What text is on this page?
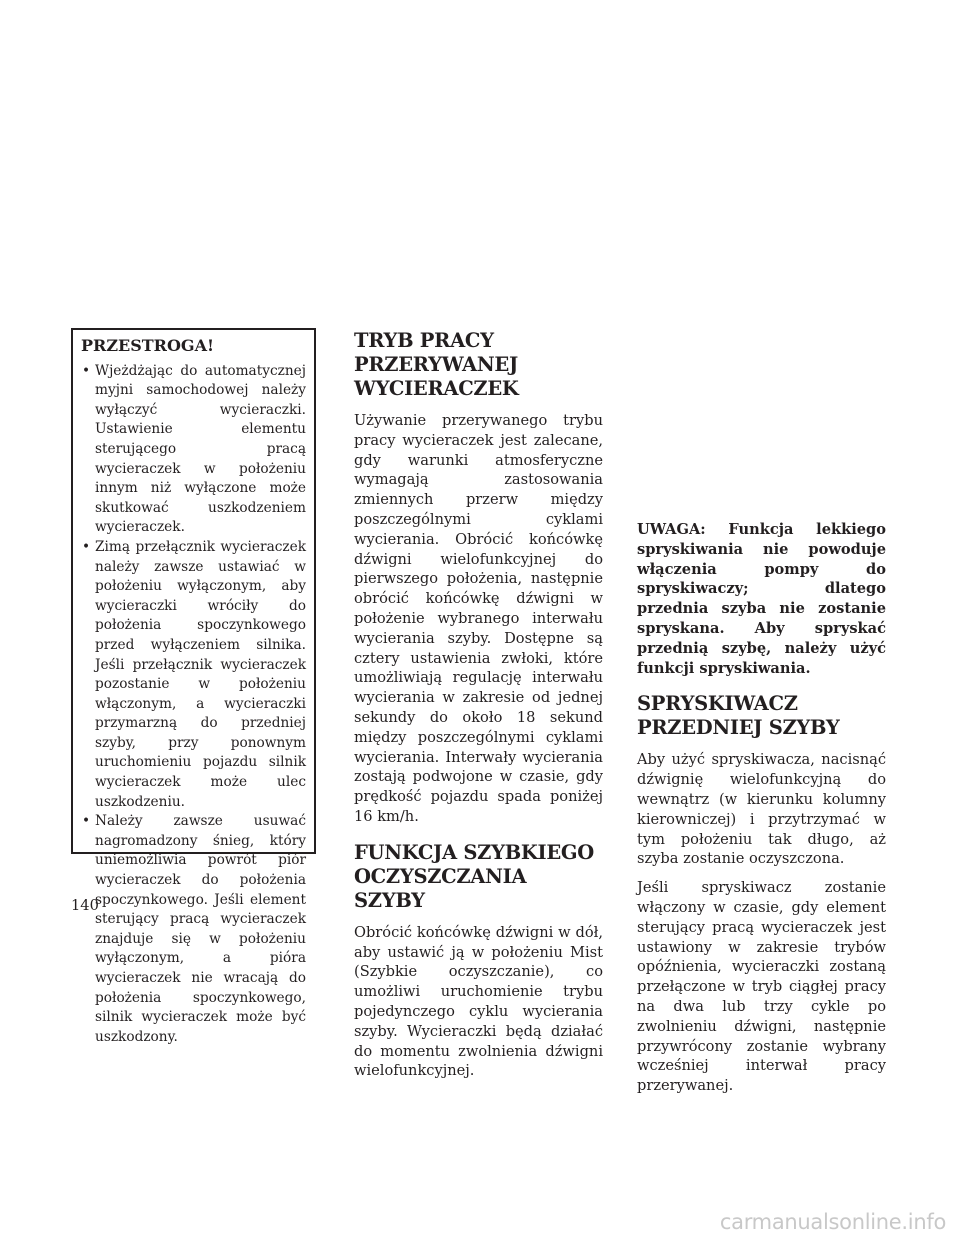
PRZESTROGA!
• Wjeżdżając do automatycznej myjni samochodowej należy wyłączyć wycieraczki. Ustawienie elementu sterującego pracą wycieraczek w położeniu innym niż wyłączone może skutkować uszkodzeniem wycieraczek.
• Zimą przełącznik wycieraczek należy zawsze ustawiać w położeniu wyłączonym, aby wycieraczki wróciły do położenia spoczynkowego przed wyłączeniem silnika. Jeśli przełącznik wycieraczek pozostanie w położeniu włączonym, a wycieraczki przymarzną do przedniej szyby, przy ponownym uruchomieniu pojazdu silnik wycieraczek może ulec uszkodzeniu.
• Należy zawsze usuwać nagromadzony śnieg, który uniemożliwia powrót piór wycieraczek do położenia spoczynkowego. Jeśli element sterujący pracą wycieraczek znajduje się w położeniu wyłączonym, a pióra wycieraczek nie wracają do położenia spoczynkowego, silnik wycieraczek może być uszkodzony.
TRYB PRACY PRZERYWANEJ WYCIERACZEK

Używanie przerywanego trybu pracy wycieraczek jest zalecane, gdy warunki atmosferyczne wymagają zastosowania zmiennych przerw między poszczególnymi cyklami wycierania. Obrócić końcówkę dźwigni wielofunkcyjnej do pierwszego położenia, następnie obrócić końcówkę dźwigni w położenie wybranego interwału wycierania szyby. Dostępne są cztery ustawienia zwłoki, które umożliwiają regulację interwału wycierania w zakresie od jednej sekundy do około 18 sekund między poszczególnymi cyklami wycierania. Interwały wycierania zostają podwojone w czasie, gdy prędkość pojazdu spada poniżej 16 km/h.

FUNKCJA SZYBKIEGO OCZYSZCZANIA SZYBY

Obrócić końcówkę dźwigni w dół, aby ustawić ją w położeniu Mist (Szybkie oczyszczanie), co umożliwi uruchomienie trybu pojedynczego cyklu wycierania szyby. Wycieraczki będą działać do momentu zwolnienia dźwigni wielofunkcyjnej.

UWAGA: Funkcja lekkiego spryskiwania nie powoduje włączenia pompy do spryskiwaczy; dlatego przednia szyba nie zostanie spryskana. Aby spryskać przednią szybę, należy użyć funkcji spryskiwania.

SPRYSKIWACZ PRZEDNIEJ SZYBY

Aby użyć spryskiwacza, nacisnąć dźwignię wielofunkcyjną do wewnątrz (w kierunku kolumny kierowniczej) i przytrzymać w tym położeniu tak długo, aż szyba zostanie oczyszczona.

Jeśli spryskiwacz zostanie włączony w czasie, gdy element sterujący pracą wycieraczek jest ustawiony w zakresie trybów opóźnienia, wycieraczki zostaną przełączone w tryb ciągłej pracy na dwa lub trzy cykle po zwolnieniu dźwigni, następnie przywrócony zostanie wybrany wcześniej interwał pracy przerywanej.

140
carmanualsonline.info
